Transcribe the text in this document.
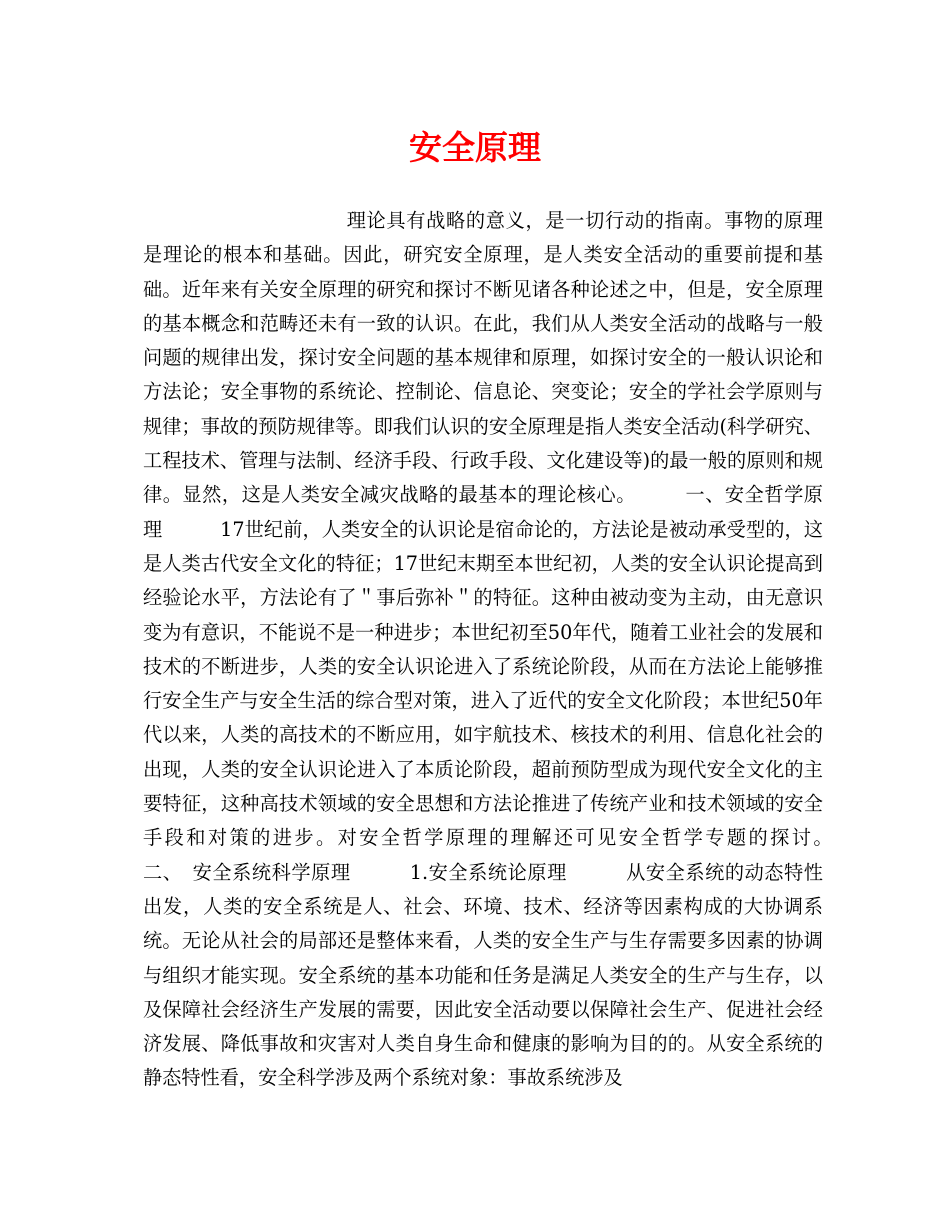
安全原理

理论具有战略的意义，是一切行动的指南。事物的原理是理论的根本和基础。因此，研究安全原理，是人类安全活动的重要前提和基础。近年来有关安全原理的研究和探讨不断见诸各种论述之中，但是，安全原理的基本概念和范畴还未有一致的认识。在此，我们从人类安全活动的战略与一般问题的规律出发，探讨安全问题的基本规律和原理，如探讨安全的一般认识论和方法论；安全事物的系统论、控制论、信息论、突变论；安全的学社会学原则与规律；事故的预防规律等。即我们认识的安全原理是指人类安全活动(科学研究、工程技术、管理与法制、经济手段、行政手段、文化建设等)的最一般的原则和规律。显然，这是人类安全减灾战略的最基本的理论核心。　　　一、安全哲学原理　　　17世纪前，人类安全的认识论是宿命论的，方法论是被动承受型的，这是人类古代安全文化的特征；17世纪末期至本世纪初，人类的安全认识论提高到经验论水平，方法论有了＂事后弥补＂的特征。这种由被动变为主动，由无意识变为有意识，不能说不是一种进步；本世纪初至50年代，随着工业社会的发展和技术的不断进步，人类的安全认识论进入了系统论阶段，从而在方法论上能够推行安全生产与安全生活的综合型对策，进入了近代的安全文化阶段；本世纪50年代以来，人类的高技术的不断应用，如宇航技术、核技术的利用、信息化社会的出现，人类的安全认识论进入了本质论阶段，超前预防型成为现代安全文化的主要特征，这种高技术领域的安全思想和方法论推进了传统产业和技术领域的安全手段和对策的进步。对安全哲学原理的理解还可见安全哲学专题的探讨。　　　二、　安全系统科学原理　　　1.安全系统论原理　　　从安全系统的动态特性出发，人类的安全系统是人、社会、环境、技术、经济等因素构成的大协调系统。无论从社会的局部还是整体来看，人类的安全生产与生存需要多因素的协调与组织才能实现。安全系统的基本功能和任务是满足人类安全的生产与生存，以及保障社会经济生产发展的需要，因此安全活动要以保障社会生产、促进社会经济发展、降低事故和灾害对人类自身生命和健康的影响为目的的。从安全系统的静态特性看，安全科学涉及两个系统对象：事故系统涉及
